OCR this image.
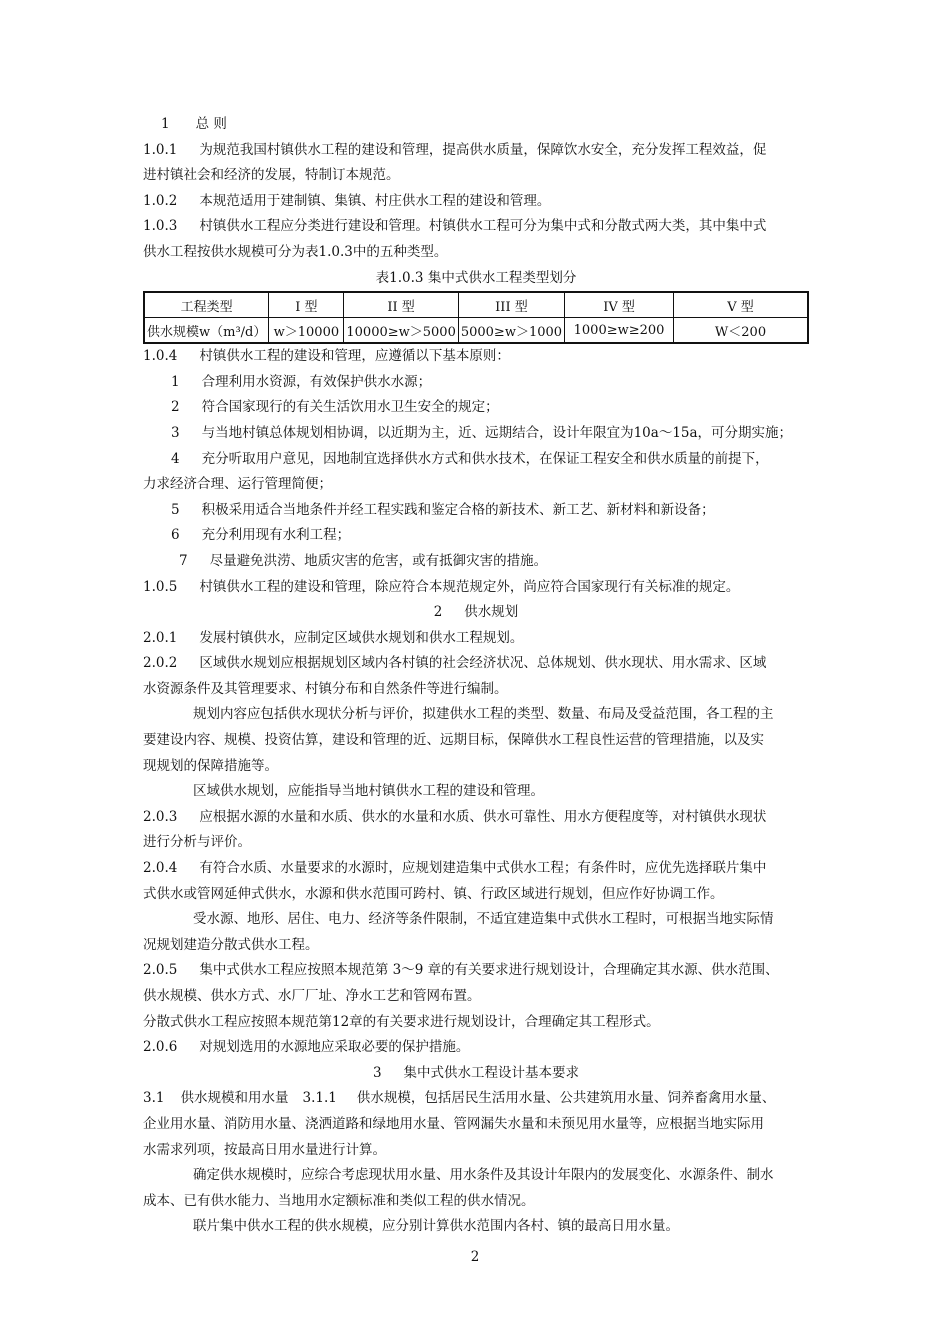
1 总 则
1.0.1 为规范我国村镇供水工程的建设和管理，提高供水质量，保障饮水安全，充分发挥工程效益，促
进村镇社会和经济的发展，特制订本规范。
1.0.2 本规范适用于建制镇、集镇、村庄供水工程的建设和管理。
1.0.3 村镇供水工程应分类进行建设和管理。村镇供水工程可分为集中式和分散式两大类，其中集中式
供水工程按供水规模可分为表1.0.3中的五种类型。
表1.0.3 集中式供水工程类型划分
工程类型	I 型	II 型	III 型	IV 型	V 型
供水规模w（m³/d）	w＞10000	10000≥w＞5000	5000≥w＞1000	1000≥w≥200	W＜200
1.0.4 村镇供水工程的建设和管理，应遵循以下基本原则：
1 合理利用水资源，有效保护供水水源；
2 符合国家现行的有关生活饮用水卫生安全的规定；
3 与当地村镇总体规划相协调，以近期为主，近、远期结合，设计年限宜为10a～15a，可分期实施；
4 充分听取用户意见，因地制宜选择供水方式和供水技术，在保证工程安全和供水质量的前提下，
力求经济合理、运行管理简便；
5 积极采用适合当地条件并经工程实践和鉴定合格的新技术、新工艺、新材料和新设备；
6 充分利用现有水利工程；
7 尽量避免洪涝、地质灾害的危害，或有抵御灾害的措施。
1.0.5 村镇供水工程的建设和管理，除应符合本规范规定外，尚应符合国家现行有关标准的规定。
2 供水规划
2.0.1 发展村镇供水，应制定区域供水规划和供水工程规划。
2.0.2 区域供水规划应根据规划区域内各村镇的社会经济状况、总体规划、供水现状、用水需求、区域
水资源条件及其管理要求、村镇分布和自然条件等进行编制。
规划内容应包括供水现状分析与评价，拟建供水工程的类型、数量、布局及受益范围，各工程的主
要建设内容、规模、投资估算，建设和管理的近、远期目标，保障供水工程良性运营的管理措施，以及实
现规划的保障措施等。
区域供水规划，应能指导当地村镇供水工程的建设和管理。
2.0.3 应根据水源的水量和水质、供水的水量和水质、供水可靠性、用水方便程度等，对村镇供水现状
进行分析与评价。
2.0.4 有符合水质、水量要求的水源时，应规划建造集中式供水工程；有条件时，应优先选择联片集中
式供水或管网延伸式供水，水源和供水范围可跨村、镇、行政区域进行规划，但应作好协调工作。
受水源、地形、居住、电力、经济等条件限制，不适宜建造集中式供水工程时，可根据当地实际情
况规划建造分散式供水工程。
2.0.5 集中式供水工程应按照本规范第 3～9 章的有关要求进行规划设计，合理确定其水源、供水范围、
供水规模、供水方式、水厂厂址、净水工艺和管网布置。
分散式供水工程应按照本规范第12章的有关要求进行规划设计，合理确定其工程形式。
2.0.6 对规划选用的水源地应采取必要的保护措施。
3 集中式供水工程设计基本要求
3.1 供水规模和用水量 3.1.1 供水规模，包括居民生活用水量、公共建筑用水量、饲养畜禽用水量、
企业用水量、消防用水量、浇洒道路和绿地用水量、管网漏失水量和未预见用水量等，应根据当地实际用
水需求列项，按最高日用水量进行计算。
确定供水规模时，应综合考虑现状用水量、用水条件及其设计年限内的发展变化、水源条件、制水
成本、已有供水能力、当地用水定额标准和类似工程的供水情况。
联片集中供水工程的供水规模，应分别计算供水范围内各村、镇的最高日用水量。
2
